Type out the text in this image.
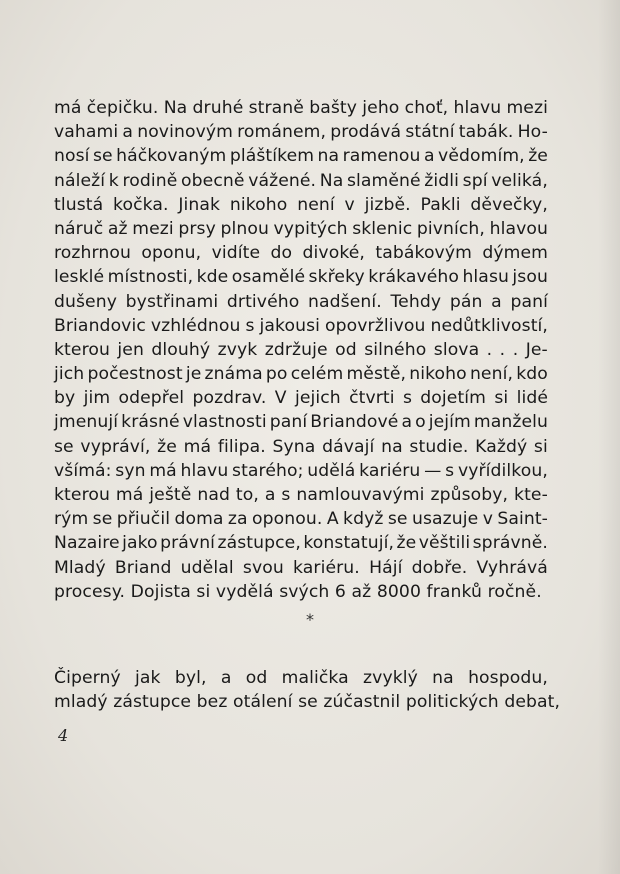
má čepičku. Na druhé straně bašty jeho choť, hlavu mezi
vahami a novinovým románem, prodává státní tabák. Ho-
nosí se háčkovaným pláštíkem na ramenou a vědomím, že
náleží k rodině obecně vážené. Na slaměné židli spí veliká,
tlustá kočka. Jinak nikoho není v jizbě. Pakli děvečky,
náruč až mezi prsy plnou vypitých sklenic pivních, hlavou
rozhrnou oponu, vidíte do divoké, tabákovým dýmem
lesklé místnosti, kde osamělé skřeky krákavého hlasu jsou
dušeny bystřinami drtivého nadšení. Tehdy pán a paní
Briandovic vzhlédnou s jakousi opovržlivou nedůtklivostí,
kterou jen dlouhý zvyk zdržuje od silného slova . . . Je-
jich počestnost je známa po celém městě, nikoho není, kdo
by jim odepřel pozdrav. V jejich čtvrti s dojetím si lidé
jmenují krásné vlastnosti paní Briandové a o jejím manželu
se vypráví, že má filipa. Syna dávají na studie. Každý si
všímá: syn má hlavu starého; udělá kariéru — s vyřídilkou,
kterou má ještě nad to, a s namlouvavými způsoby, kte-
rým se přiučil doma za oponou. A když se usazuje v Saint-
Nazaire jako právní zástupce, konstatují, že věštili správně.
Mladý Briand udělal svou kariéru. Hájí dobře. Vyhrává
procesy. Dojista si vydělá svých 6 až 8000 franků ročně.
*
Čiperný jak byl, a od malička zvyklý na hospodu,
mladý zástupce bez otálení se zúčastnil politických debat,
4
